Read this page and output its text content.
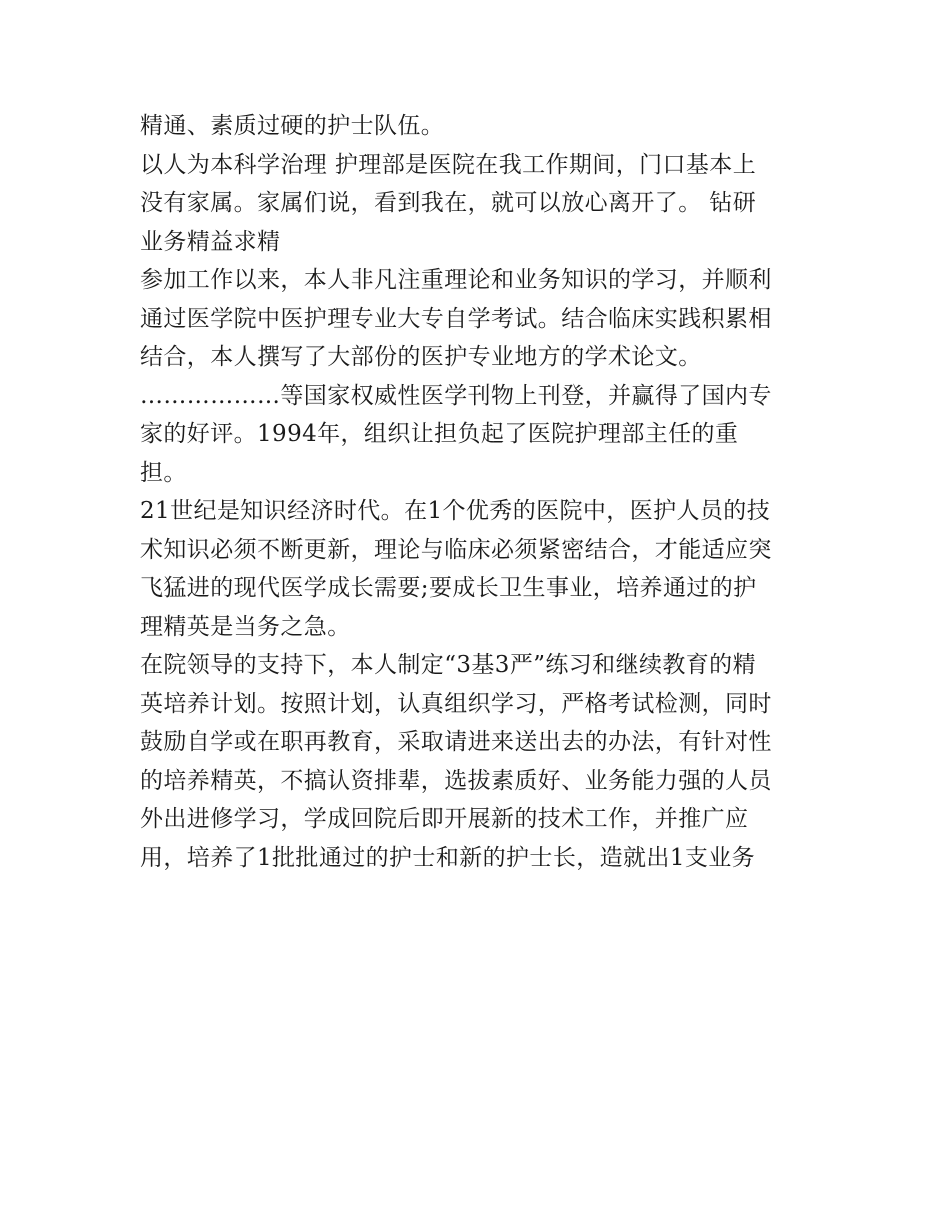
精通、素质过硬的护士队伍。
以人为本科学治理 护理部是医院在我工作期间，门口基本上
没有家属。家属们说，看到我在，就可以放心离开了。 钻研
业务精益求精
参加工作以来，本人非凡注重理论和业务知识的学习，并顺利
通过医学院中医护理专业大专自学考试。结合临床实践积累相
结合，本人撰写了大部份的医护专业地方的学术论文。
………………等国家权威性医学刊物上刊登，并赢得了国内专
家的好评。1994年，组织让担负起了医院护理部主任的重
担。
21世纪是知识经济时代。在1个优秀的医院中，医护人员的技
术知识必须不断更新，理论与临床必须紧密结合，才能适应突
飞猛进的现代医学成长需要;要成长卫生事业，培养通过的护
理精英是当务之急。
在院领导的支持下，本人制定“3基3严”练习和继续教育的精
英培养计划。按照计划，认真组织学习，严格考试检测，同时
鼓励自学或在职再教育，采取请进来送出去的办法，有针对性
的培养精英，不搞认资排辈，选拔素质好、业务能力强的人员
外出进修学习，学成回院后即开展新的技术工作，并推广应
用，培养了1批批通过的护士和新的护士长，造就出1支业务
